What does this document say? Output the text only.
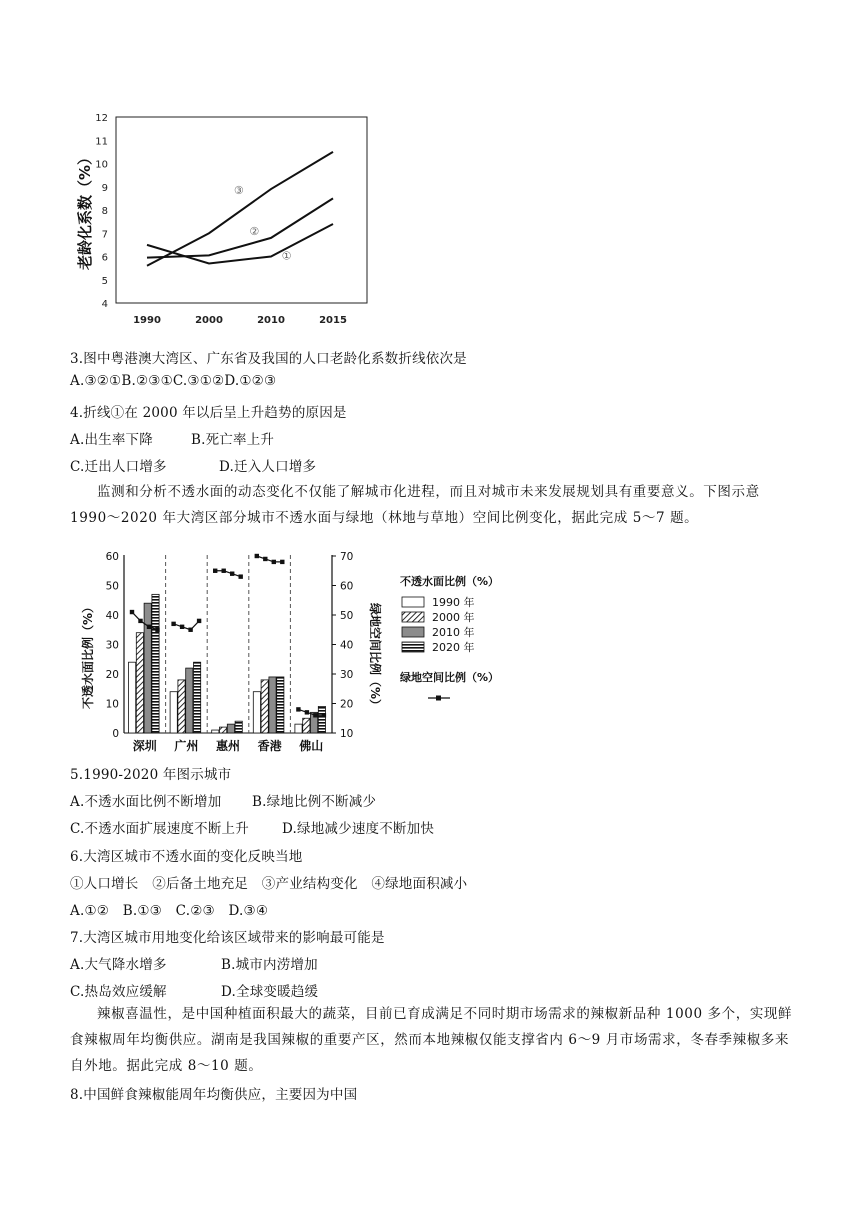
4
5
6
7
8
9
10
11
12
1990	2000	2010	2015
①
②
③
老龄化系数（%）
3.图中粤港澳大湾区、广东省及我国的人口老龄化系数折线依次是
A.③②①B.②③①C.③①②D.①②③
4.折线①在 2000 年以后呈上升趋势的原因是
A.出生率下降	B.死亡率上升
C.迁出人口增多	D.迁入人口增多
监测和分析不透水面的动态变化不仅能了解城市化进程，而且对城市未来发展规划具有重要意义。下图示意 1990～2020 年大湾区部分城市不透水面与绿地（林地与草地）空间比例变化，据此完成 5～7 题。
0
10
20
30
40
50
60
10
20
30
40
50
60
70
深圳 广州 惠州 香港 佛山
不透水面比例（%）	绿地空间比例（%）
不透水面比例（%）
1990 年
2000 年
2010 年
2020 年
绿地空间比例（%）
5.1990-2020 年图示城市
A.不透水面比例不断增加 B.绿地比例不断减少
C.不透水面扩展速度不断上升 D.绿地减少速度不断加快
6.大湾区城市不透水面的变化反映当地
①人口增长　②后备土地充足　③产业结构变化　④绿地面积减小
A.①②　B.①③　C.②③　D.③④
7.大湾区城市用地变化给该区域带来的影响最可能是
A.大气降水增多	B.城市内涝增加
C.热岛效应缓解	D.全球变暖趋缓
辣椒喜温性，是中国种植面积最大的蔬菜，目前已育成满足不同时期市场需求的辣椒新品种 1000 多个，实现鲜食辣椒周年均衡供应。湖南是我国辣椒的重要产区，然而本地辣椒仅能支撑省内 6～9 月市场需求，冬春季辣椒多来自外地。据此完成 8～10 题。
8.中国鲜食辣椒能周年均衡供应，主要因为中国
